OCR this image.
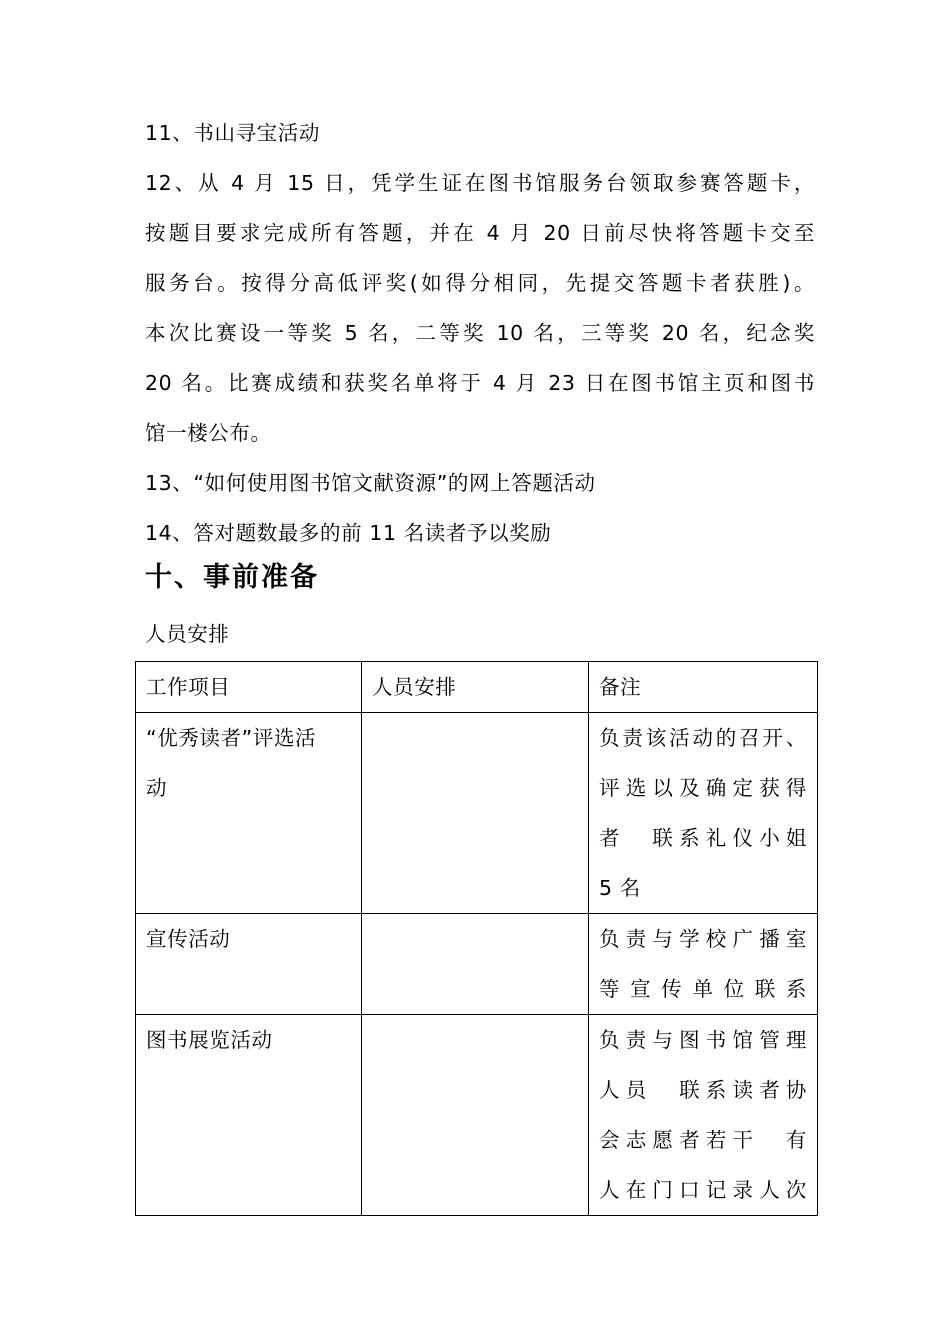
11、书山寻宝活动

12、从 4 月 15 日，凭学生证在图书馆服务台领取参赛答题卡，
按题目要求完成所有答题，并在 4 月 20 日前尽快将答题卡交至
服务台。按得分高低评奖(如得分相同，先提交答题卡者获胜)。
本次比赛设一等奖 5 名，二等奖 10 名，三等奖 20 名，纪念奖
20 名。比赛成绩和获奖名单将于 4 月 23 日在图书馆主页和图书
馆一楼公布。

13、“如何使用图书馆文献资源”的网上答题活动

14、答对题数最多的前 11 名读者予以奖励

十、事前准备

人员安排

工作项目	人员安排	备注

“优秀读者”评选活
动		负责该活动的召开、
评选以及确定获得
者　联系礼仪小姐
5 名

宣传活动		负责与学校广播室
等宣传单位联系

图书展览活动		负责与图书馆管理
人员　联系读者协
会志愿者若干　有
人在门口记录人次
